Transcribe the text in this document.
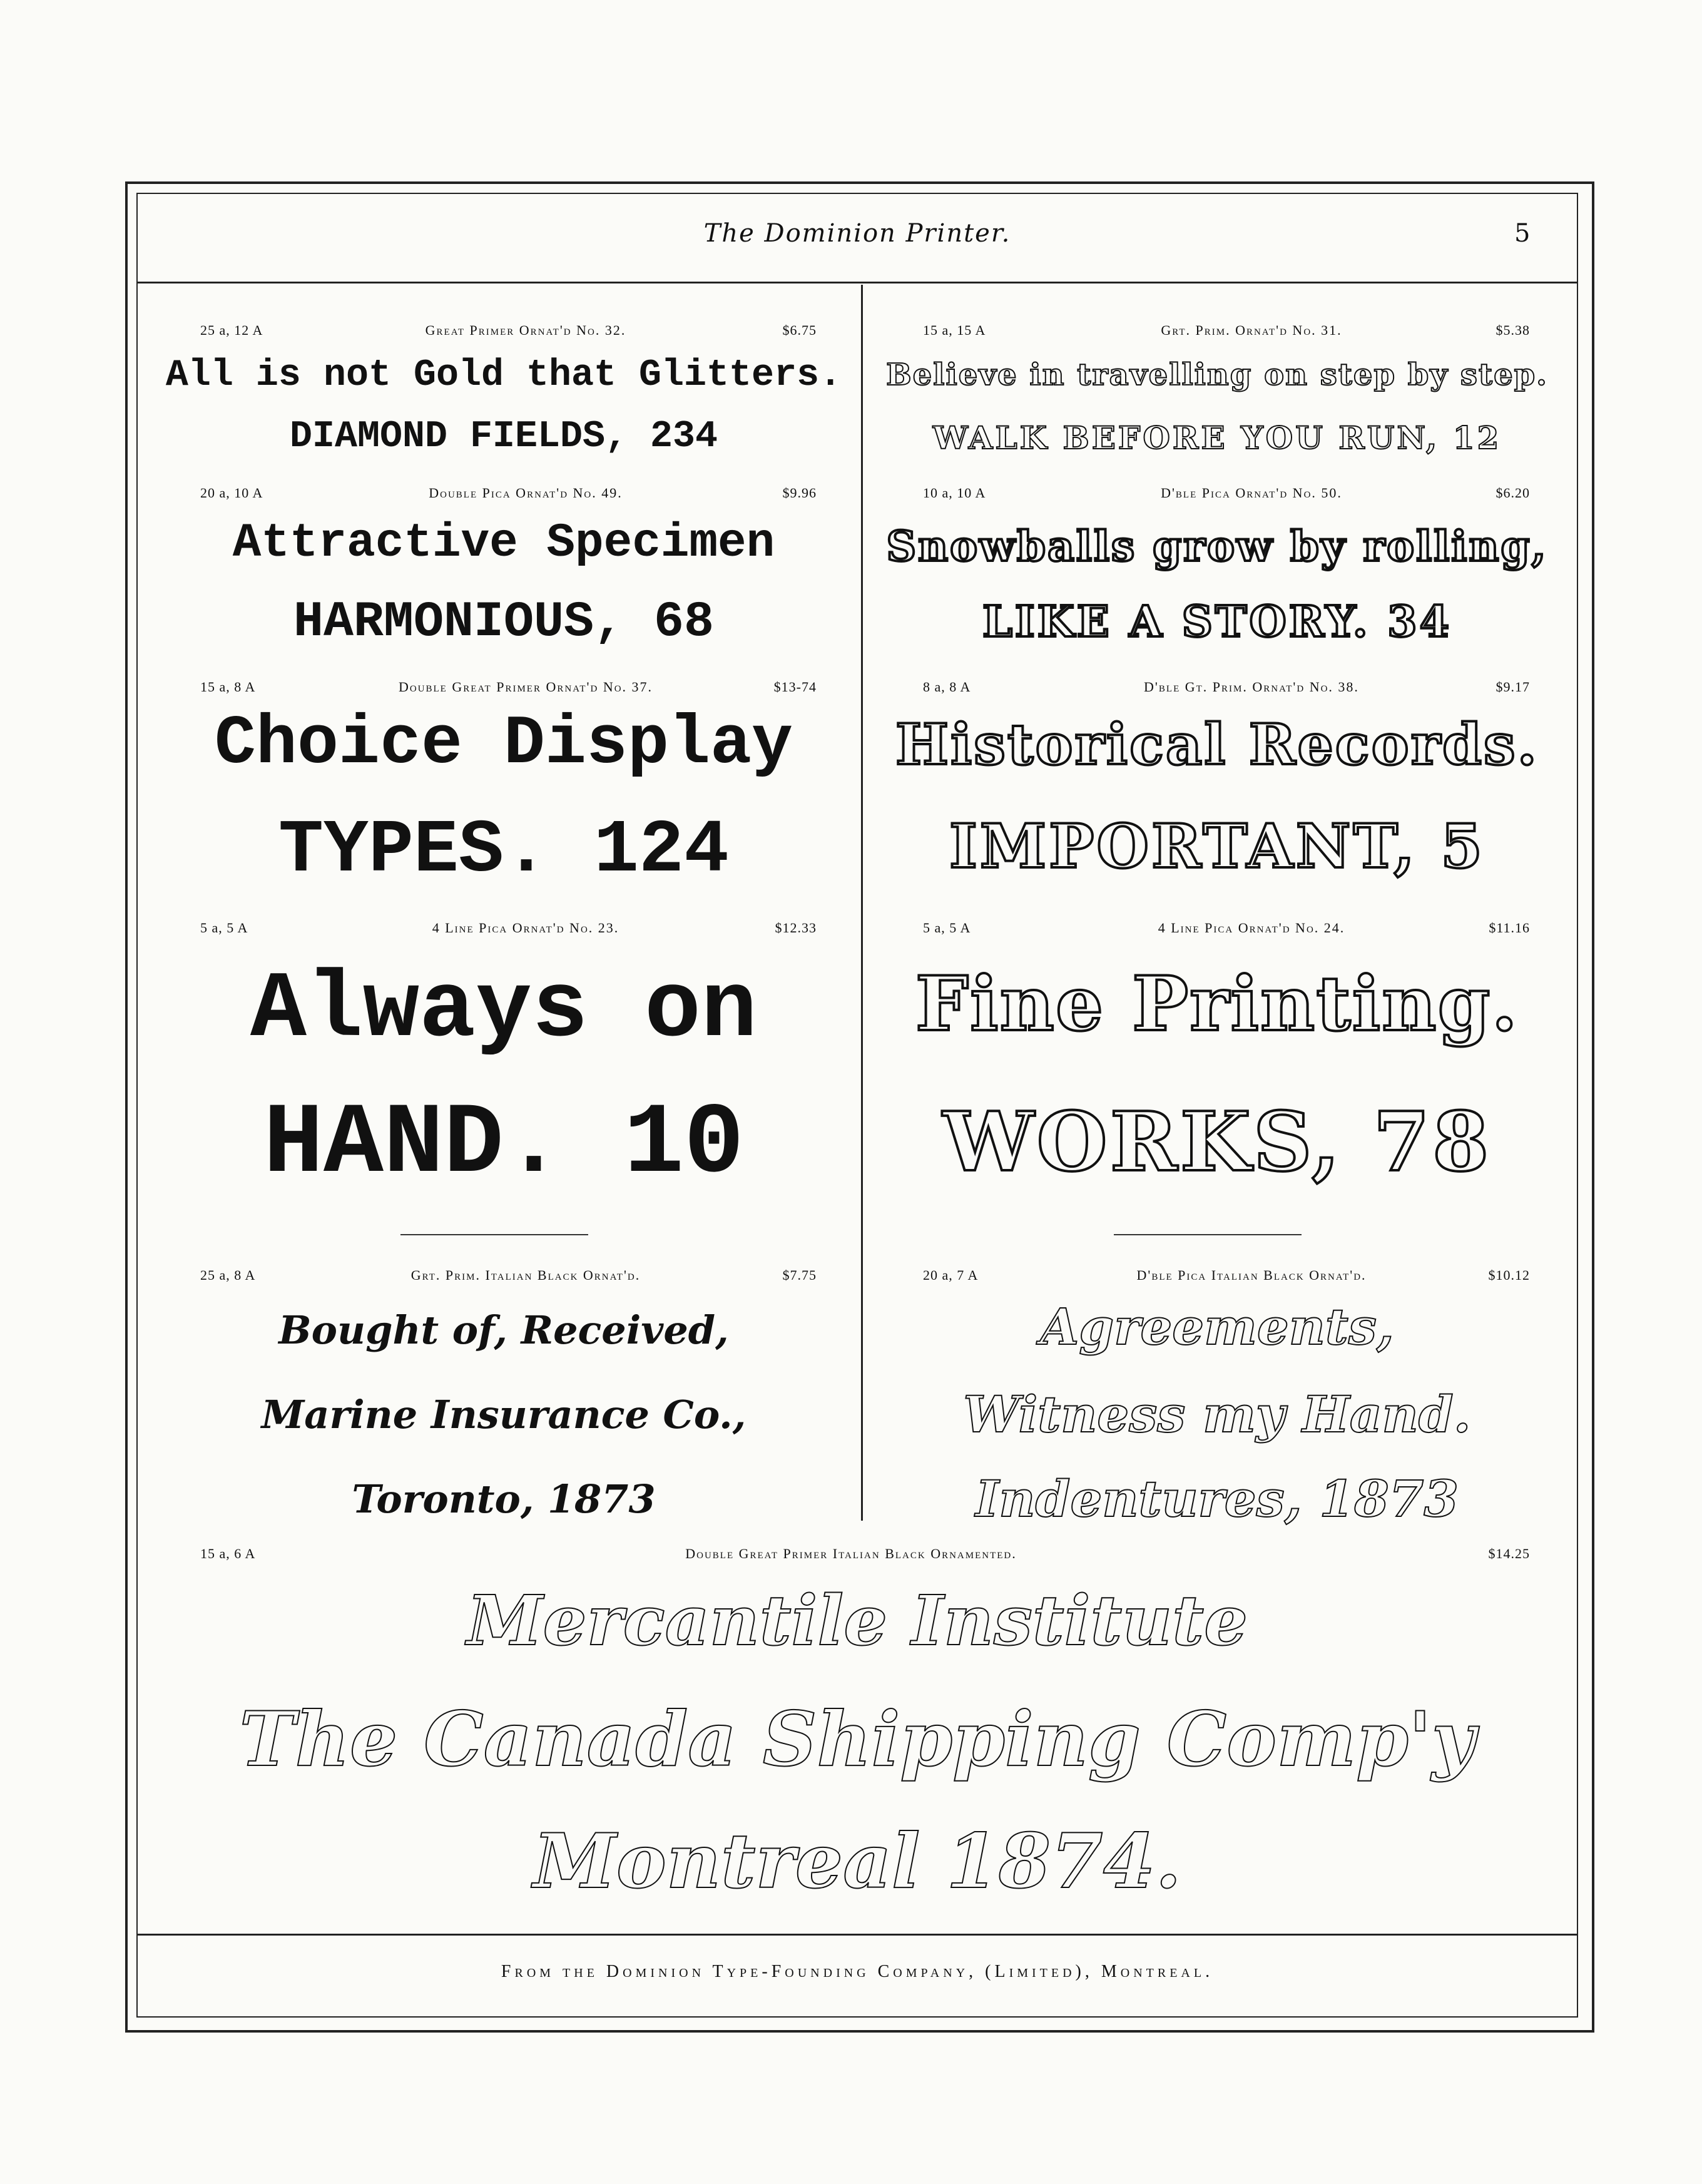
The Dominion Printer.	5
25 a, 12 A	Great Primer Ornat'd No. 32.	$6.75
All is not Gold that Glitters.
DIAMOND FIELDS, 234
15 a, 15 A	Grt. Prim. Ornat'd No. 31.	$5.38
Believe in travelling on step by step.
WALK BEFORE YOU RUN, 12
20 a, 10 A	Double Pica Ornat'd No. 49.	$9.96
Attractive Specimen
HARMONIOUS, 68
10 a, 10 A	D'ble Pica Ornat'd No. 50.	$6.20
Snowballs grow by rolling,
LIKE A STORY. 34
15 a, 8 A	Double Great Primer Ornat'd No. 37.	$13-74
Choice Display
TYPES. 124
8 a, 8 A	D'ble Gt. Prim. Ornat'd No. 38.	$9.17
Historical Records.
IMPORTANT, 5
5 a, 5 A	4 Line Pica Ornat'd No. 23.	$12.33
Always on
HAND. 10
5 a, 5 A	4 Line Pica Ornat'd No. 24.	$11.16
Fine Printing.
WORKS, 78
25 a, 8 A	Grt. Prim. Italian Black Ornat'd.	$7.75
Bought of, Received,
Marine Insurance Co.,
Toronto, 1873
20 a, 7 A	D'ble Pica Italian Black Ornat'd.	$10.12
Agreements,
Witness my Hand.
Indentures, 1873
15 a, 6 A	Double Great Primer Italian Black Ornamented.	$14.25
Mercantile Institute
The Canada Shipping Comp'y
Montreal 1874.
From the Dominion Type-Founding Company, (Limited), Montreal.
